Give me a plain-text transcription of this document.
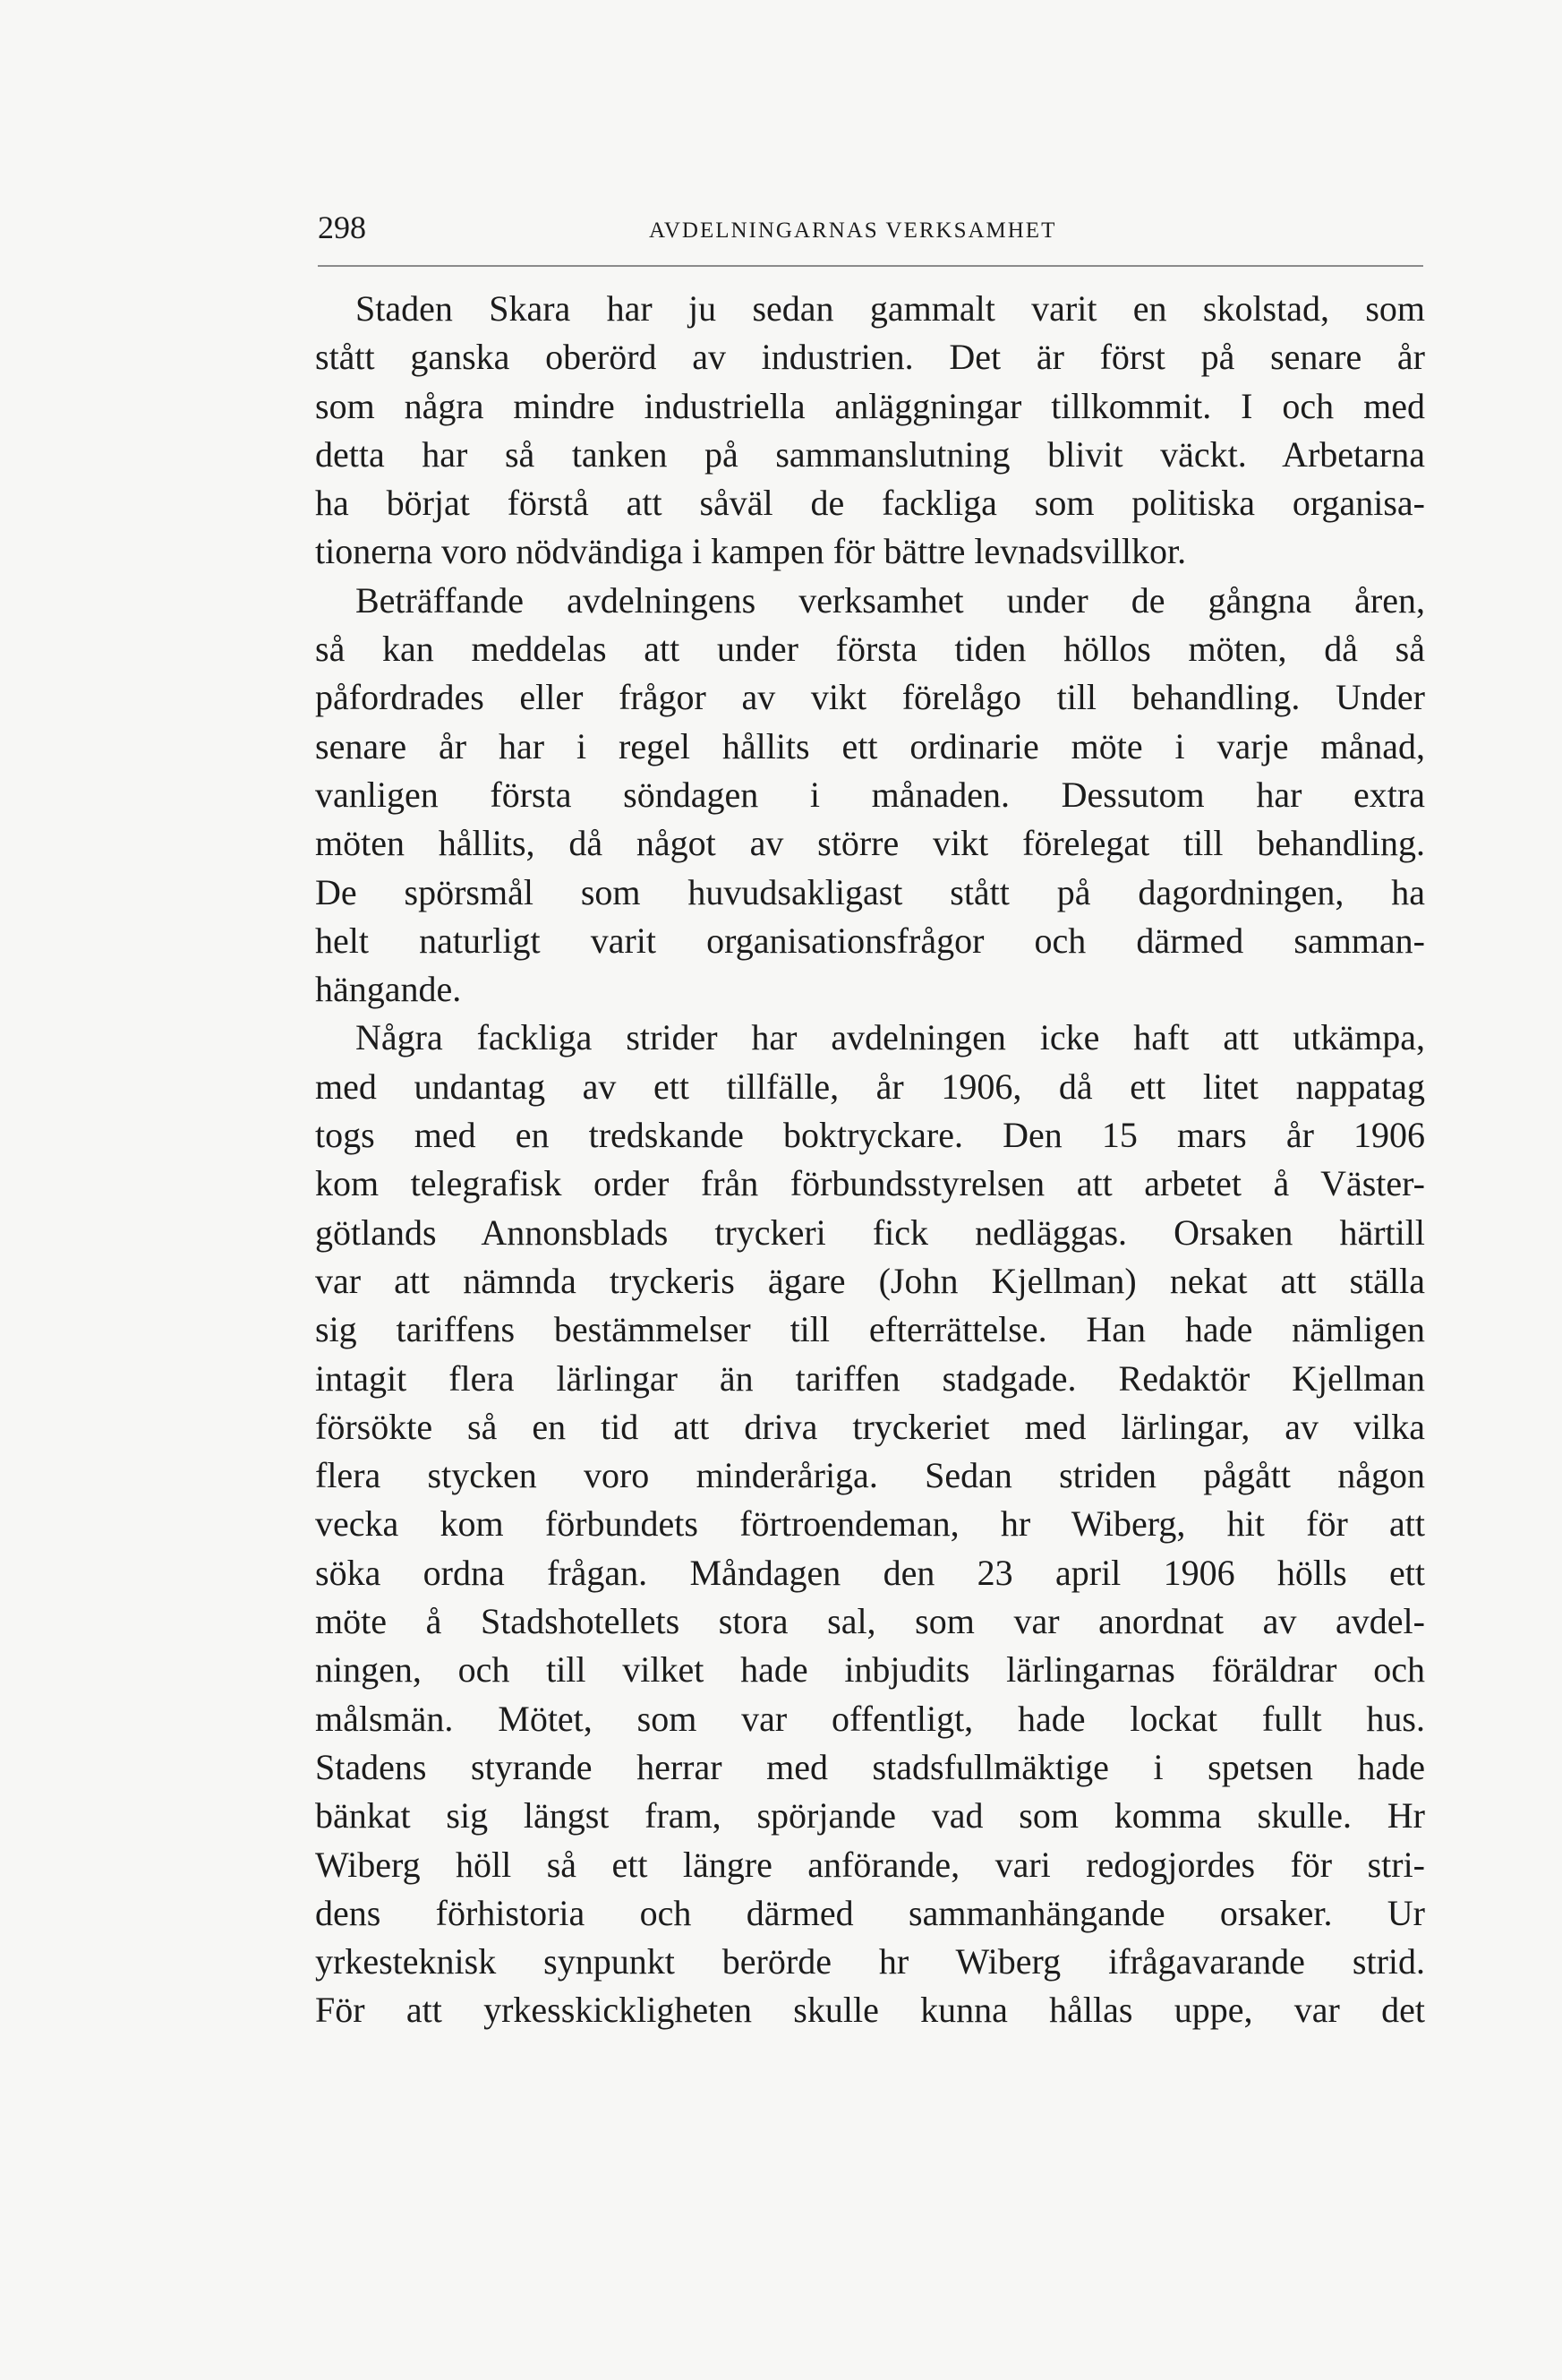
298	AVDELNINGARNAS VERKSAMHET
Staden Skara har ju sedan gammalt varit en skolstad, som
stått ganska oberörd av industrien. Det är först på senare år
som några mindre industriella anläggningar tillkommit. I och med
detta har så tanken på sammanslutning blivit väckt. Arbetarna
ha börjat förstå att såväl de fackliga som politiska organisa-
tionerna voro nödvändiga i kampen för bättre levnadsvillkor.
Beträffande avdelningens verksamhet under de gångna åren,
så kan meddelas att under första tiden höllos möten, då så
påfordrades eller frågor av vikt förelågo till behandling. Under
senare år har i regel hållits ett ordinarie möte i varje månad,
vanligen första söndagen i månaden. Dessutom har extra
möten hållits, då något av större vikt förelegat till behandling.
De spörsmål som huvudsakligast stått på dagordningen, ha
helt naturligt varit organisationsfrågor och därmed samman-
hängande.
Några fackliga strider har avdelningen icke haft att utkämpa,
med undantag av ett tillfälle, år 1906, då ett litet nappatag
togs med en tredskande boktryckare. Den 15 mars år 1906
kom telegrafisk order från förbundsstyrelsen att arbetet å Väster-
götlands Annonsblads tryckeri fick nedläggas. Orsaken härtill
var att nämnda tryckeris ägare (John Kjellman) nekat att ställa
sig tariffens bestämmelser till efterrättelse. Han hade nämligen
intagit flera lärlingar än tariffen stadgade. Redaktör Kjellman
försökte så en tid att driva tryckeriet med lärlingar, av vilka
flera stycken voro minderåriga. Sedan striden pågått någon
vecka kom förbundets förtroendeman, hr Wiberg, hit för att
söka ordna frågan. Måndagen den 23 april 1906 hölls ett
möte å Stadshotellets stora sal, som var anordnat av avdel-
ningen, och till vilket hade inbjudits lärlingarnas föräldrar och
målsmän. Mötet, som var offentligt, hade lockat fullt hus.
Stadens styrande herrar med stadsfullmäktige i spetsen hade
bänkat sig längst fram, spörjande vad som komma skulle. Hr
Wiberg höll så ett längre anförande, vari redogjordes för stri-
dens förhistoria och därmed sammanhängande orsaker. Ur
yrkesteknisk synpunkt berörde hr Wiberg ifrågavarande strid.
För att yrkesskickligheten skulle kunna hållas uppe, var det
